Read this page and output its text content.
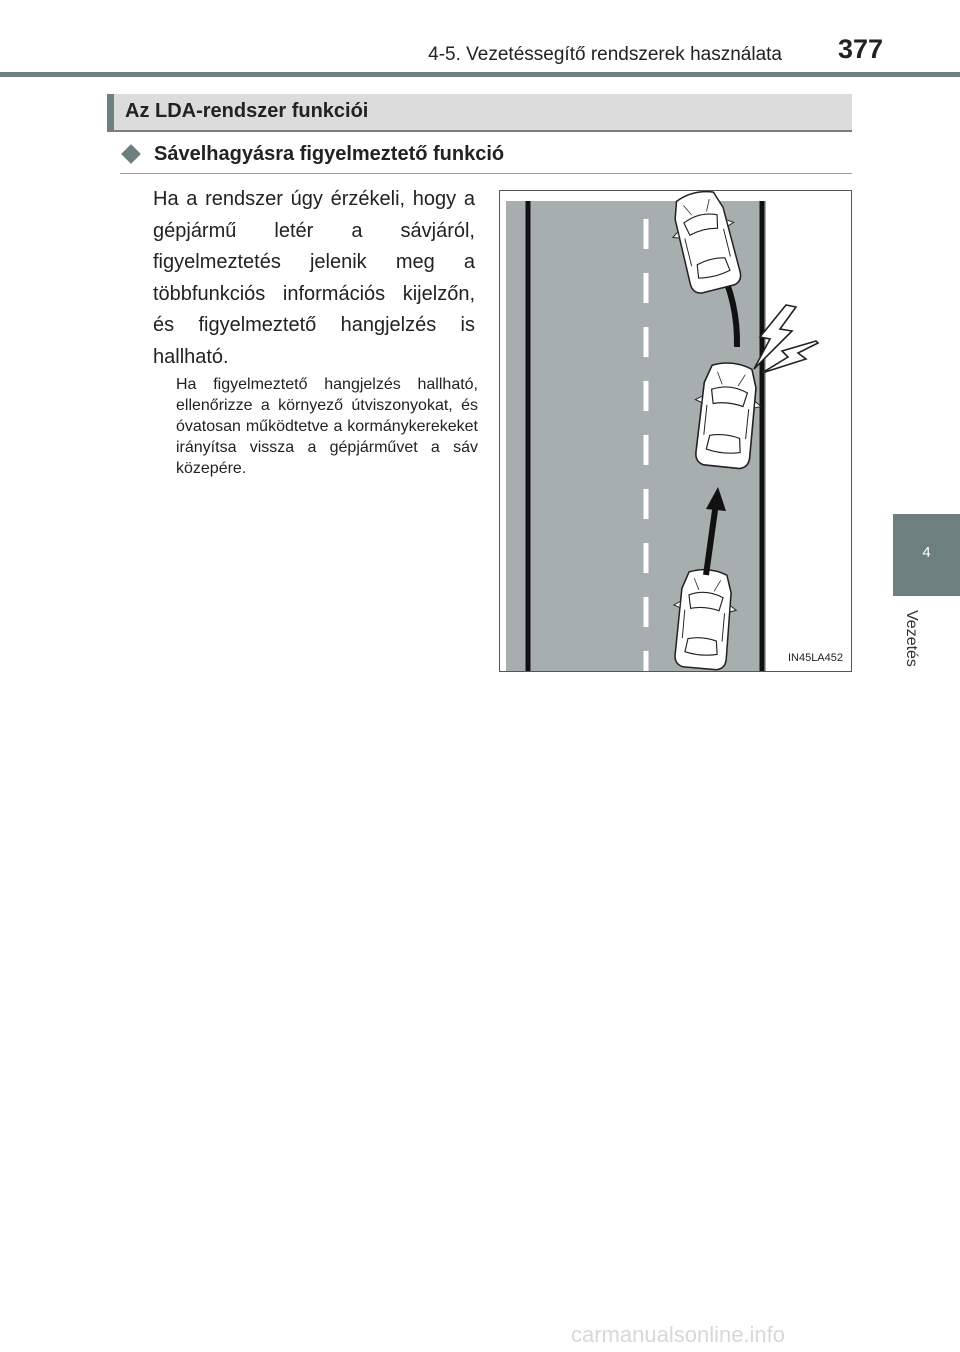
4-5. Vezetéssegítő rendszerek használata 377
Az LDA-rendszer funkciói
Sávelhagyásra figyelmeztető funkció
Ha a rendszer úgy érzékeli, hogy a gépjármű letér a sávjáról, figyelmeztetés jelenik meg a többfunkciós információs kijelzőn, és figyelmeztető hangjelzés is hallható.
Ha figyelmeztető hangjelzés hallható, ellenőrizze a környező útviszonyokat, és óvatosan működtetve a kormánykerekeket irányítsa vissza a gépjárművet a sáv közepére.
IN45LA452
4
Vezetés
carmanualsonline.info
